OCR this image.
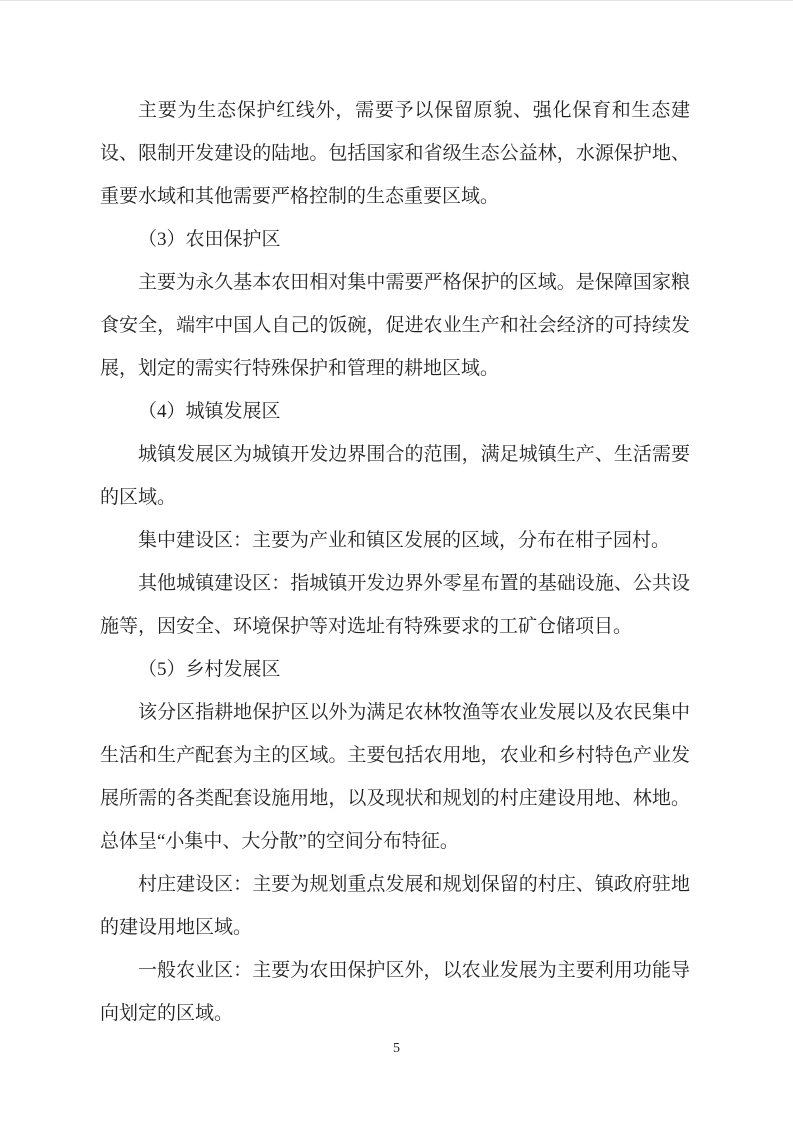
主要为生态保护红线外，需要予以保留原貌、强化保育和生态建设、限制开发建设的陆地。包括国家和省级生态公益林，水源保护地、重要水域和其他需要严格控制的生态重要区域。

（3）农田保护区

主要为永久基本农田相对集中需要严格保护的区域。是保障国家粮食安全，端牢中国人自己的饭碗，促进农业生产和社会经济的可持续发展，划定的需实行特殊保护和管理的耕地区域。

（4）城镇发展区

城镇发展区为城镇开发边界围合的范围，满足城镇生产、生活需要的区域。

集中建设区：主要为产业和镇区发展的区域，分布在柑子园村。

其他城镇建设区：指城镇开发边界外零星布置的基础设施、公共设施等，因安全、环境保护等对选址有特殊要求的工矿仓储项目。

（5）乡村发展区

该分区指耕地保护区以外为满足农林牧渔等农业发展以及农民集中生活和生产配套为主的区域。主要包括农用地，农业和乡村特色产业发展所需的各类配套设施用地，以及现状和规划的村庄建设用地、林地。总体呈“小集中、大分散”的空间分布特征。

村庄建设区：主要为规划重点发展和规划保留的村庄、镇政府驻地的建设用地区域。

一般农业区：主要为农田保护区外，以农业发展为主要利用功能导向划定的区域。

5
